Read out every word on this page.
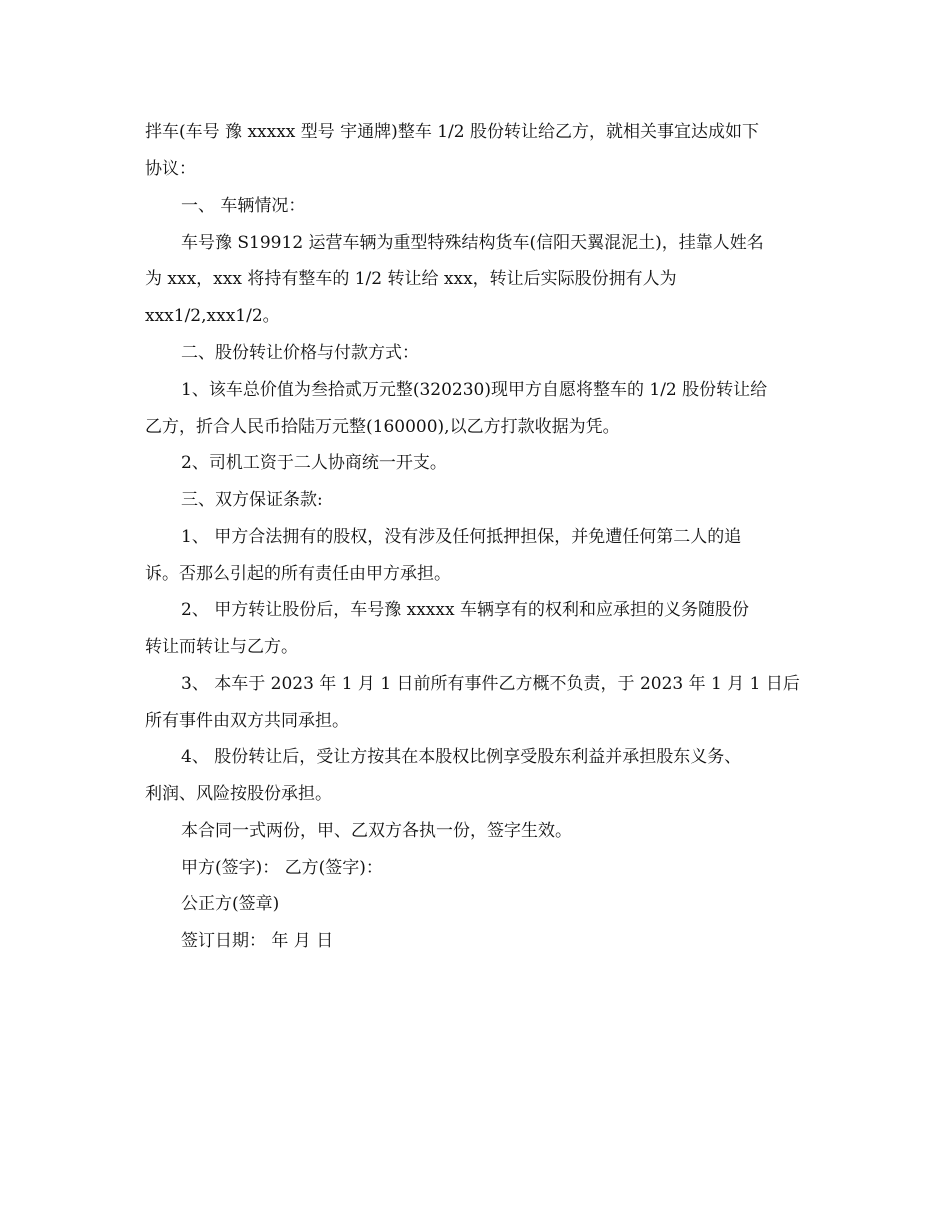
拌车(车号 豫 xxxxx 型号 宇通牌)整车 1/2 股份转让给乙方，就相关事宜达成如下

协议：

一、 车辆情况：

车号豫 S19912 运营车辆为重型特殊结构货车(信阳天翼混泥土)，挂靠人姓名

为 xxx，xxx 将持有整车的 1/2 转让给 xxx，转让后实际股份拥有人为

xxx1/2,xxx1/2。

二、股份转让价格与付款方式：

1、该车总价值为叁拾贰万元整(320230)现甲方自愿将整车的 1/2 股份转让给

乙方，折合人民币拾陆万元整(160000),以乙方打款收据为凭。

2、司机工资于二人协商统一开支。

三、双方保证条款:

1、 甲方合法拥有的股权，没有涉及任何抵押担保，并免遭任何第二人的追

诉。否那么引起的所有责任由甲方承担。

2、 甲方转让股份后，车号豫 xxxxx 车辆享有的权利和应承担的义务随股份

转让而转让与乙方。

3、 本车于 2023 年 1 月 1 日前所有事件乙方概不负责，于 2023 年 1 月 1 日后

所有事件由双方共同承担。

4、 股份转让后，受让方按其在本股权比例享受股东利益并承担股东义务、

利润、风险按股份承担。

本合同一式两份，甲、乙双方各执一份，签字生效。

甲方(签字)： 乙方(签字)：

公正方(签章)

签订日期： 年 月 日
